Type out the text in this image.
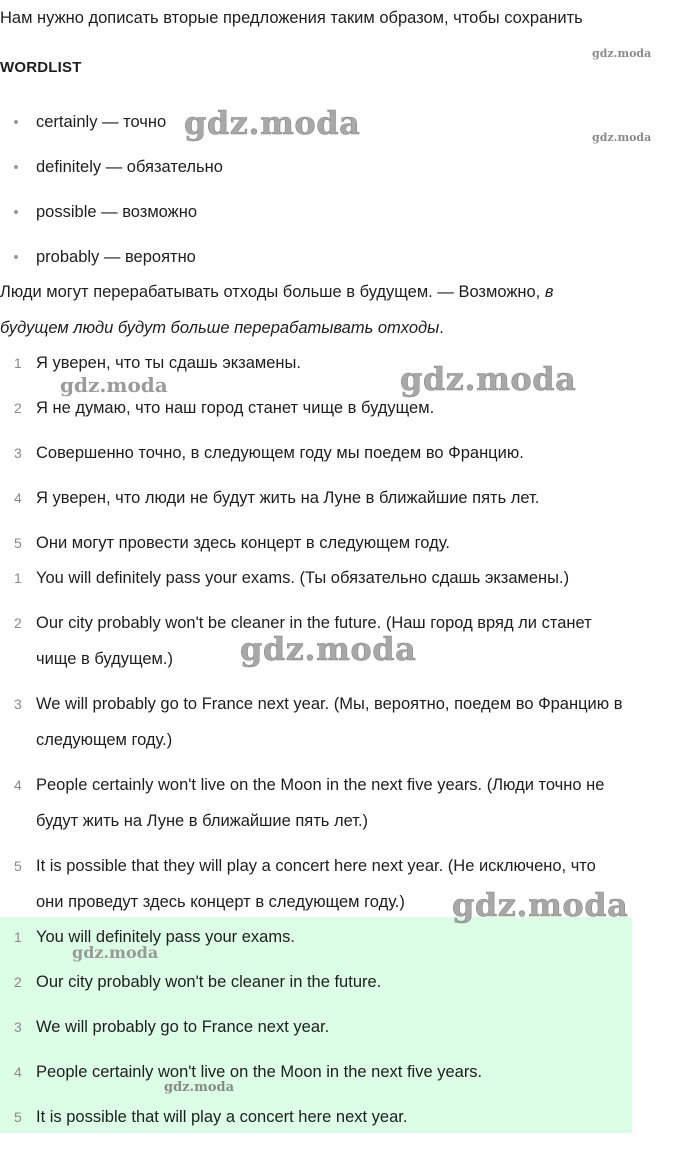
Нам нужно дописать вторые предложения таким образом, чтобы сохранить
WORDLIST
certainly — точно
definitely — обязательно
possible — возможно
probably — вероятно
Люди могут перерабатывать отходы больше в будущем. — Возможно, в
будущем люди будут больше перерабатывать отходы.
1 Я уверен, что ты сдашь экзамены.
2 Я не думаю, что наш город станет чище в будущем.
3 Совершенно точно, в следующем году мы поедем во Францию.
4 Я уверен, что люди не будут жить на Луне в ближайшие пять лет.
5 Они могут провести здесь концерт в следующем году.
1 You will definitely pass your exams. (Ты обязательно сдашь экзамены.)
2 Our city probably won't be cleaner in the future. (Наш город вряд ли станет
чище в будущем.)
3 We will probably go to France next year. (Мы, вероятно, поедем во Францию в
следующем году.)
4 People certainly won't live on the Moon in the next five years. (Люди точно не
будут жить на Луне в ближайшие пять лет.)
5 It is possible that they will play a concert here next year. (Не исключено, что
они проведут здесь концерт в следующем году.)
1 You will definitely pass your exams.
2 Our city probably won't be cleaner in the future.
3 We will probably go to France next year.
4 People certainly won't live on the Moon in the next five years.
5 It is possible that will play a concert here next year.
gdz.moda
gdz.moda	gdz.moda
gdz.moda	gdz.moda
gdz.moda
gdz.moda
gdz.moda
gdz.moda
